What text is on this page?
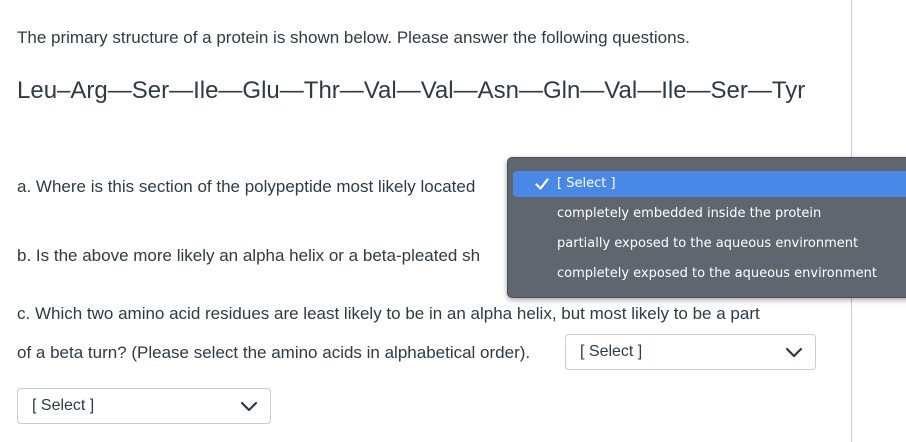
The primary structure of a protein is shown below. Please answer the following questions.
Leu–Arg—Ser—Ile—Glu—Thr—Val—Val—Asn—Gln—Val—Ile—Ser—Tyr
a. Where is this section of the polypeptide most likely located
b. Is the above more likely an alpha helix or a beta-pleated sh
c. Which two amino acid residues are least likely to be in an alpha helix, but most likely to be a part
of a beta turn? (Please select the amino acids in alphabetical order).	[ Select ]
[ Select ]
[ Select ]
completely embedded inside the protein
partially exposed to the aqueous environment
completely exposed to the aqueous environment
